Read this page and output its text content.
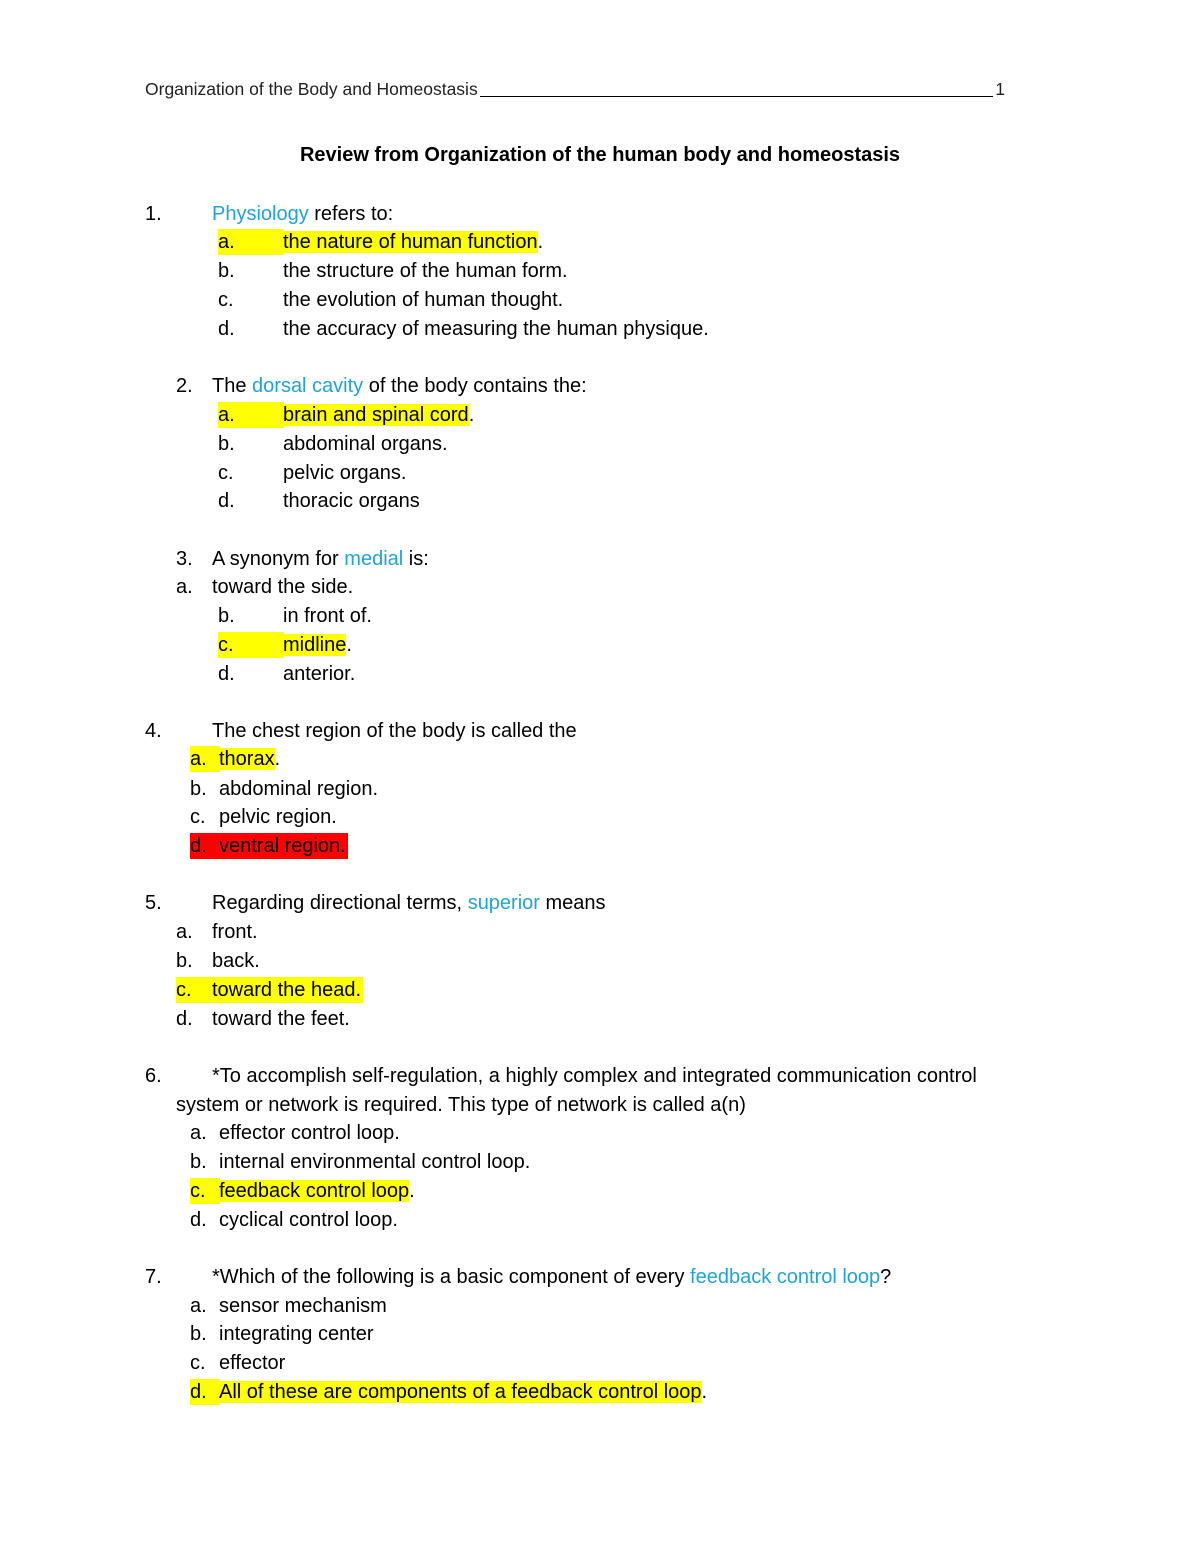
Organization of the Body and Homeostasis	1
Review from Organization of the human body and homeostasis
1.	Physiology refers to:
a.	the nature of human function.
b. the structure of the human form.
c. the evolution of human thought.
d. the accuracy of measuring the human physique.
2. The dorsal cavity of the body contains the:
a.	brain and spinal cord.
b. abdominal organs.
c. pelvic organs.
d. thoracic organs
3. A synonym for medial is:
a. toward the side.
b. in front of.
c.	midline.
d. anterior.
4.	The chest region of the body is called the
a. thorax.
b. abdominal region.
c. pelvic region.
d. ventral region.
5.	Regarding directional terms, superior means
a. front.
b. back.
c.	toward the head.
d. toward the feet.
6.	*To accomplish self-regulation, a highly complex and integrated communication control
system or network is required. This type of network is called a(n)
a. effector control loop.
b. internal environmental control loop.
c. feedback control loop.
d. cyclical control loop.
7.	*Which of the following is a basic component of every feedback control loop?
a. sensor mechanism
b. integrating center
c. effector
d. All of these are components of a feedback control loop.
